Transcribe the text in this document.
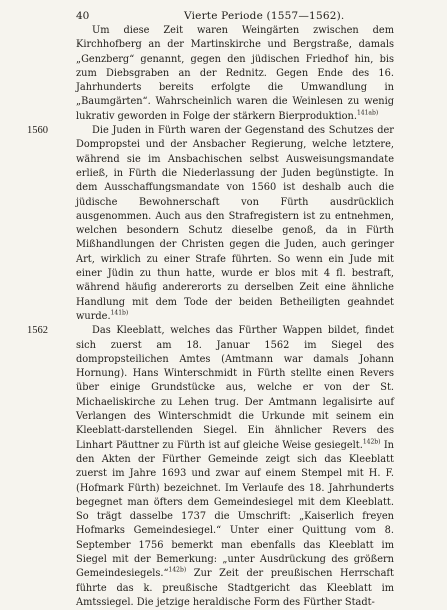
40	Vierte Periode (1557—1562).

Um diese Zeit waren Weingärten zwischen dem Kirchhofberg an der Martinskirche und Bergstraße, damals „Genzberg“ genannt, gegen den jüdischen Friedhof hin, bis zum Diebsgraben an der Rednitz. Gegen Ende des 16. Jahrhunderts bereits erfolgte die Umwandlung in „Baumgärten“. Wahrscheinlich waren die Weinlesen zu wenig lukrativ geworden in Folge der stärkern Bierproduktion.$^{141ab)}$

1560	Die Juden in Fürth waren der Gegenstand des Schutzes der Dompropstei und der Ansbacher Regierung, welche letztere, während sie im Ansbachischen selbst Ausweisungsmandate erließ, in Fürth die Niederlassung der Juden begünstigte. In dem Ausschaffungsmandate von 1560 ist deshalb auch die jüdische Bewohnerschaft von Fürth ausdrücklich ausgenommen. Auch aus den Strafregistern ist zu entnehmen, welchen besondern Schutz dieselbe genoß, da in Fürth Mißhandlungen der Christen gegen die Juden, auch geringer Art, wirklich zu einer Strafe führten. So wenn ein Jude mit einer Jüdin zu thun hatte, wurde er blos mit 4 fl. bestraft, während häufig andererorts zu derselben Zeit eine ähnliche Handlung mit dem Tode der beiden Betheiligten geahndet wurde.$^{141b)}$

1562	Das Kleeblatt, welches das Fürther Wappen bildet, findet sich zuerst am 18. Januar 1562 im Siegel des dompropsteilichen Amtes (Amtmann war damals Johann Hornung). Hans Winterschmidt in Fürth stellte einen Revers über einige Grundstücke aus, welche er von der St. Michaeliskirche zu Lehen trug. Der Amtmann legalisirte auf Verlangen des Winterschmidt die Urkunde mit seinem ein Kleeblatt-darstellenden Siegel. Ein ähnlicher Revers des Linhart Päuttner zu Fürth ist auf gleiche Weise gesiegelt.$^{142b)}$ In den Akten der Fürther Gemeinde zeigt sich das Kleeblatt zuerst im Jahre 1693 und zwar auf einem Stempel mit H. F. (Hofmark Fürth) bezeichnet. Im Verlaufe des 18. Jahrhunderts begegnet man öfters dem Gemeindesiegel mit dem Kleeblatt. So trägt dasselbe 1737 die Umschrift: „Kaiserlich freyen Hofmarks Gemeindesiegel.“ Unter einer Quittung vom 8. September 1756 bemerkt man ebenfalls das Kleeblatt im Siegel mit der Bemerkung: „unter Ausdrückung des größern Gemeindesiegels.“$^{142b)}$ Zur Zeit der preußischen Herrschaft führte das k. preußische Stadtgericht das Kleeblatt im Amtssiegel. Die jetzige heraldische Form des Fürther Stadt-
